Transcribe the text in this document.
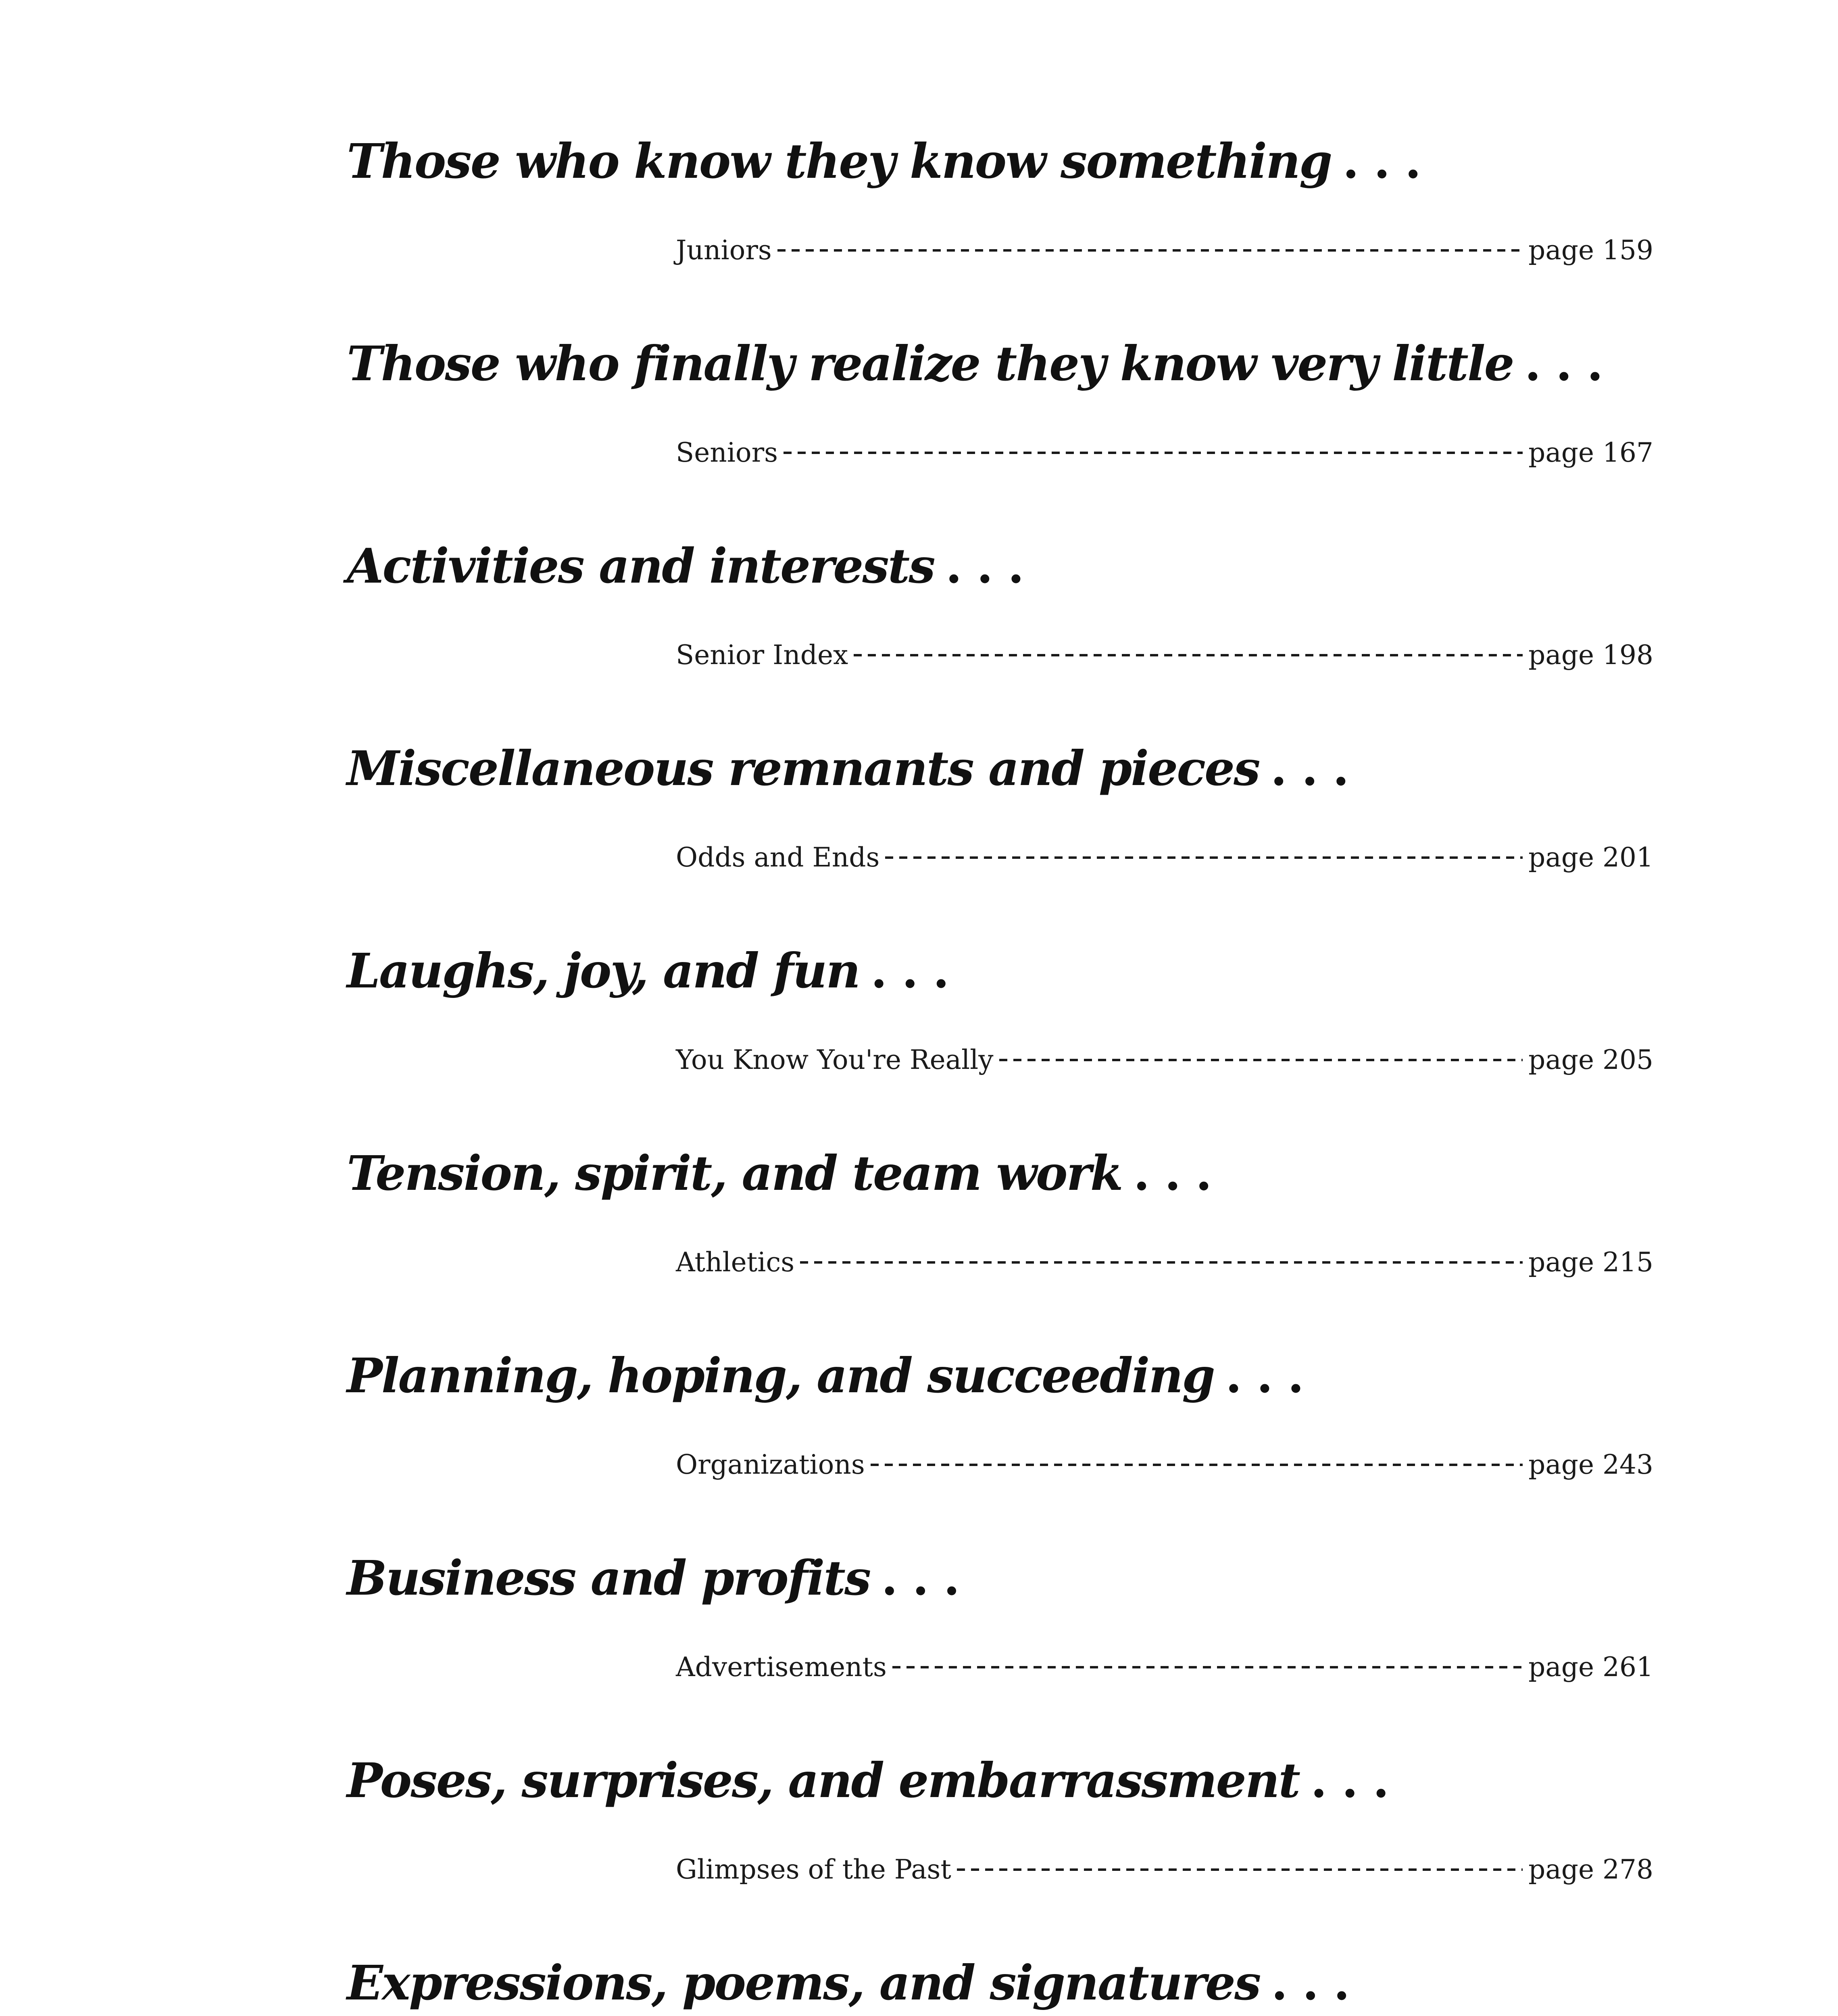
Those who know they know something ...
Juniors	page 159
Those who finally realize they know very little ...
Seniors	page 167
Activities and interests ...
Senior Index	page 198
Miscellaneous remnants and pieces ...
Odds and Ends	page 201
Laughs, joy, and fun ...
You Know You're Really	page 205
Tension, spirit, and team work ...
Athletics	page 215
Planning, hoping, and succeeding ...
Organizations	page 243
Business and profits ...
Advertisements	page 261
Poses, surprises, and embarrassment ...
Glimpses of the Past	page 278
Expressions, poems, and signatures ...
